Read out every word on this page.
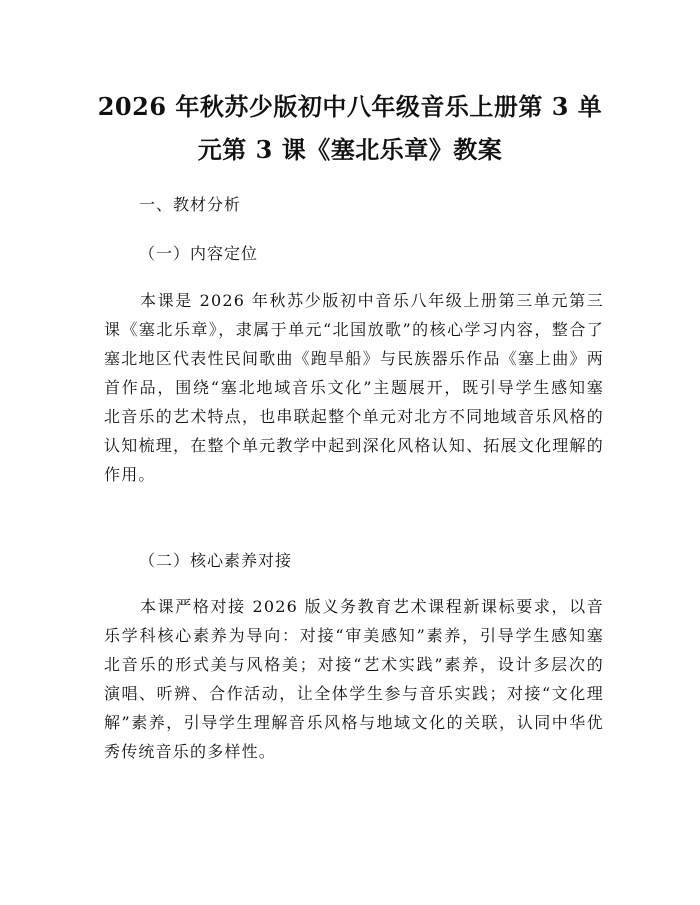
2026 年秋苏少版初中八年级音乐上册第 3 单
元第 3 课《塞北乐章》教案
一、教材分析
（一）内容定位
本课是 2026 年秋苏少版初中音乐八年级上册第三单元第三课《塞北乐章》，隶属于单元“北国放歌”的核心学习内容，整合了塞北地区代表性民间歌曲《跑旱船》与民族器乐作品《塞上曲》两首作品，围绕“塞北地域音乐文化”主题展开，既引导学生感知塞北音乐的艺术特点，也串联起整个单元对北方不同地域音乐风格的认知梳理，在整个单元教学中起到深化风格认知、拓展文化理解的作用。
（二）核心素养对接
本课严格对接 2026 版义务教育艺术课程新课标要求，以音乐学科核心素养为导向：对接“审美感知”素养，引导学生感知塞北音乐的形式美与风格美；对接“艺术实践”素养，设计多层次的演唱、听辨、合作活动，让全体学生参与音乐实践；对接“文化理解”素养，引导学生理解音乐风格与地域文化的关联，认同中华优秀传统音乐的多样性。
